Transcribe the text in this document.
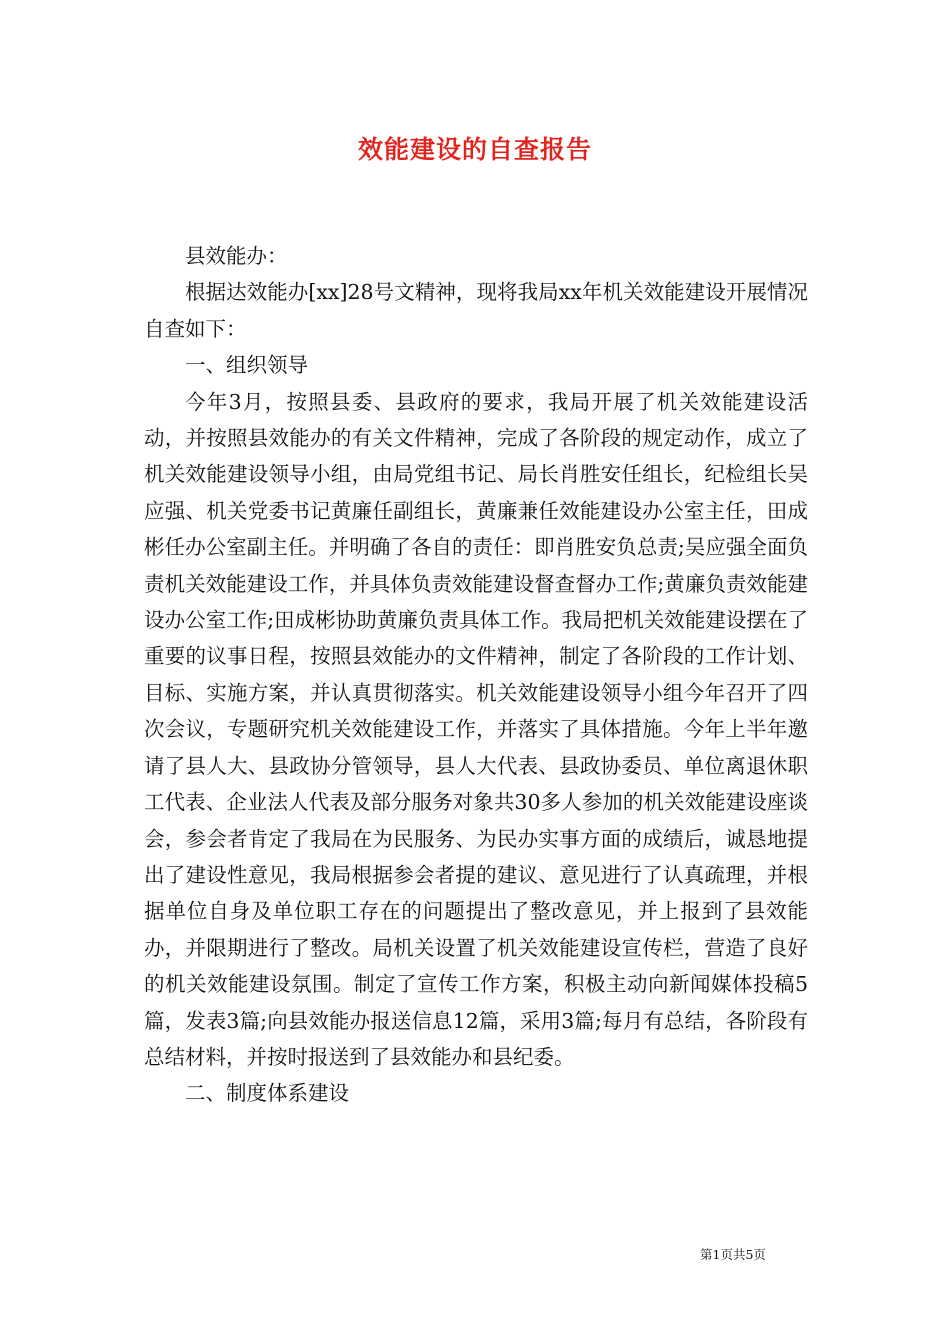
效能建设的自查报告

县效能办：

根据达效能办[xx]28号文精神，现将我局xx年机关效能建设开展情况自查如下：

一、组织领导

今年3月，按照县委、县政府的要求，我局开展了机关效能建设活动，并按照县效能办的有关文件精神，完成了各阶段的规定动作，成立了机关效能建设领导小组，由局党组书记、局长肖胜安任组长，纪检组长吴应强、机关党委书记黄廉任副组长，黄廉兼任效能建设办公室主任，田成彬任办公室副主任。并明确了各自的责任：即肖胜安负总责;吴应强全面负责机关效能建设工作，并具体负责效能建设督查督办工作;黄廉负责效能建设办公室工作;田成彬协助黄廉负责具体工作。我局把机关效能建设摆在了重要的议事日程，按照县效能办的文件精神，制定了各阶段的工作计划、目标、实施方案，并认真贯彻落实。机关效能建设领导小组今年召开了四次会议，专题研究机关效能建设工作，并落实了具体措施。今年上半年邀请了县人大、县政协分管领导，县人大代表、县政协委员、单位离退休职工代表、企业法人代表及部分服务对象共30多人参加的机关效能建设座谈会，参会者肯定了我局在为民服务、为民办实事方面的成绩后，诚恳地提出了建设性意见，我局根据参会者提的建议、意见进行了认真疏理，并根据单位自身及单位职工存在的问题提出了整改意见，并上报到了县效能办，并限期进行了整改。局机关设置了机关效能建设宣传栏，营造了良好的机关效能建设氛围。制定了宣传工作方案，积极主动向新闻媒体投稿5篇，发表3篇;向县效能办报送信息12篇，采用3篇;每月有总结，各阶段有总结材料，并按时报送到了县效能办和县纪委。

二、制度体系建设

第1页共5页
